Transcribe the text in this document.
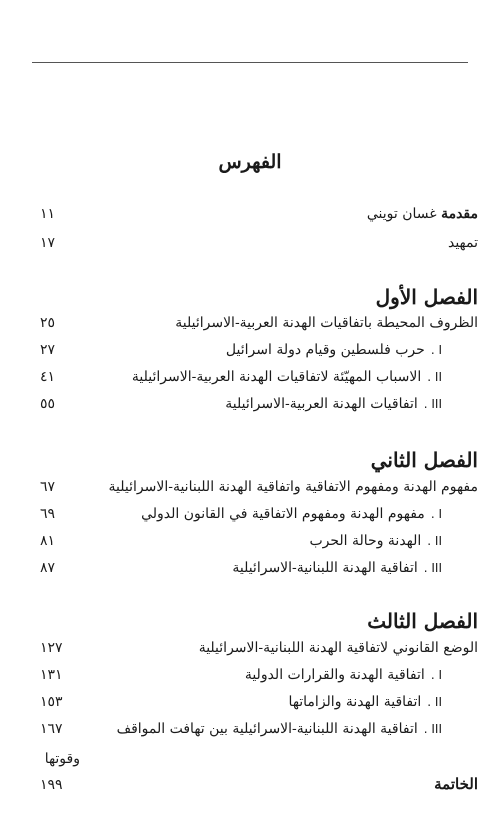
الفهرس
مقدمة غسان تويني
١١
تمهيد
١٧
الفصل الأول
الظروف المحيطة باتفاقيات الهدنة العربية-الاسرائيلية
٢٥
I .حرب فلسطين وقيام دولة اسرائيل
٢٧
II .الاسباب المهيّئة لاتفاقيات الهدنة العربية-الاسرائيلية
٤١
III .اتفاقيات الهدنة العربية-الاسرائيلية
٥٥
الفصل الثاني
مفهوم الهدنة ومفهوم الاتفاقية واتفاقية الهدنة اللبنانية-الاسرائيلية
٦٧
I .مفهوم الهدنة ومفهوم الاتفاقية في القانون الدولي
٦٩
II .الهدنة وحالة الحرب
٨١
III .اتفاقية الهدنة اللبنانية-الاسرائيلية
٨٧
الفصل الثالث
الوضع القانوني لاتفاقية الهدنة اللبنانية-الاسرائيلية
١٢٧
I .اتفاقية الهدنة والقرارات الدولية
١٣١
II .اتفاقية الهدنة والزاماتها
١٥٣
III .اتفاقية الهدنة اللبنانية-الاسرائيلية بين تهافت المواقف
١٦٧
وقوتها
الخاتمة
١٩٩
